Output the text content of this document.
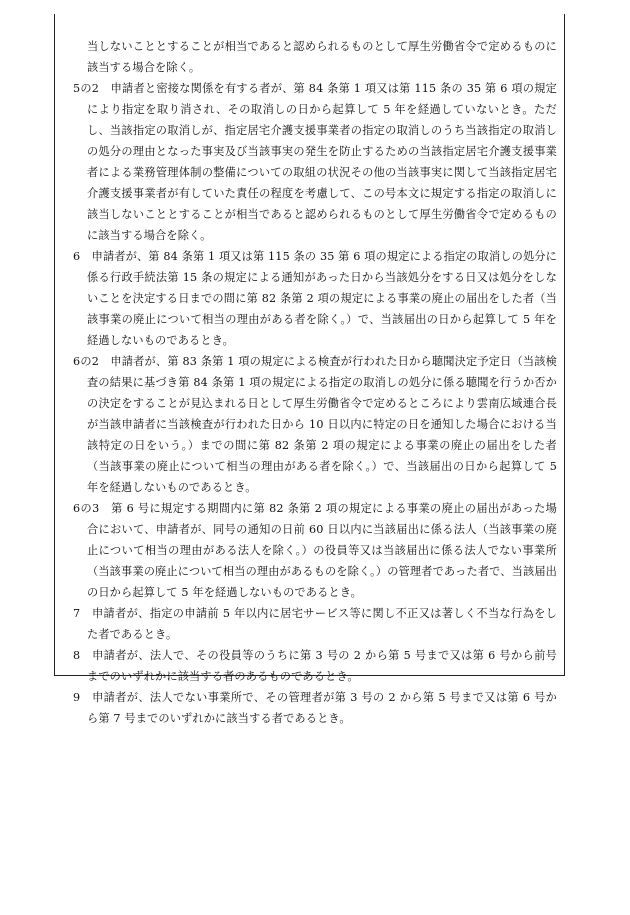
当しないこととすることが相当であると認められるものとして厚生労働省令で定めるものに該当する場合を除く。

5の2　申請者と密接な関係を有する者が、第 84 条第 1 項又は第 115 条の 35 第 6 項の規定により指定を取り消され、その取消しの日から起算して 5 年を経過していないとき。ただし、当該指定の取消しが、指定居宅介護支援事業者の指定の取消しのうち当該指定の取消しの処分の理由となった事実及び当該事実の発生を防止するための当該指定居宅介護支援事業者による業務管理体制の整備についての取組の状況その他の当該事実に関して当該指定居宅介護支援事業者が有していた責任の程度を考慮して、この号本文に規定する指定の取消しに該当しないこととすることが相当であると認められるものとして厚生労働省令で定めるものに該当する場合を除く。

6　申請者が、第 84 条第 1 項又は第 115 条の 35 第 6 項の規定による指定の取消しの処分に係る行政手続法第 15 条の規定による通知があった日から当該処分をする日又は処分をしないことを決定する日までの間に第 82 条第 2 項の規定による事業の廃止の届出をした者（当該事業の廃止について相当の理由がある者を除く。）で、当該届出の日から起算して 5 年を経過しないものであるとき。

6の2　申請者が、第 83 条第 1 項の規定による検査が行われた日から聴聞決定予定日（当該検査の結果に基づき第 84 条第 1 項の規定による指定の取消しの処分に係る聴聞を行うか否かの決定をすることが見込まれる日として厚生労働省令で定めるところにより雲南広域連合長が当該申請者に当該検査が行われた日から 10 日以内に特定の日を通知した場合における当該特定の日をいう。）までの間に第 82 条第 2 項の規定による事業の廃止の届出をした者（当該事業の廃止について相当の理由がある者を除く。）で、当該届出の日から起算して 5 年を経過しないものであるとき。

6の3　第 6 号に規定する期間内に第 82 条第 2 項の規定による事業の廃止の届出があった場合において、申請者が、同号の通知の日前 60 日以内に当該届出に係る法人（当該事業の廃止について相当の理由がある法人を除く。）の役員等又は当該届出に係る法人でない事業所（当該事業の廃止について相当の理由があるものを除く。）の管理者であった者で、当該届出の日から起算して 5 年を経過しないものであるとき。

7　申請者が、指定の申請前 5 年以内に居宅サービス等に関し不正又は著しく不当な行為をした者であるとき。

8　申請者が、法人で、その役員等のうちに第 3 号の 2 から第 5 号まで又は第 6 号から前号までのいずれかに該当する者のあるものであるとき。

9　申請者が、法人でない事業所で、その管理者が第 3 号の 2 から第 5 号まで又は第 6 号から第 7 号までのいずれかに該当する者であるとき。
